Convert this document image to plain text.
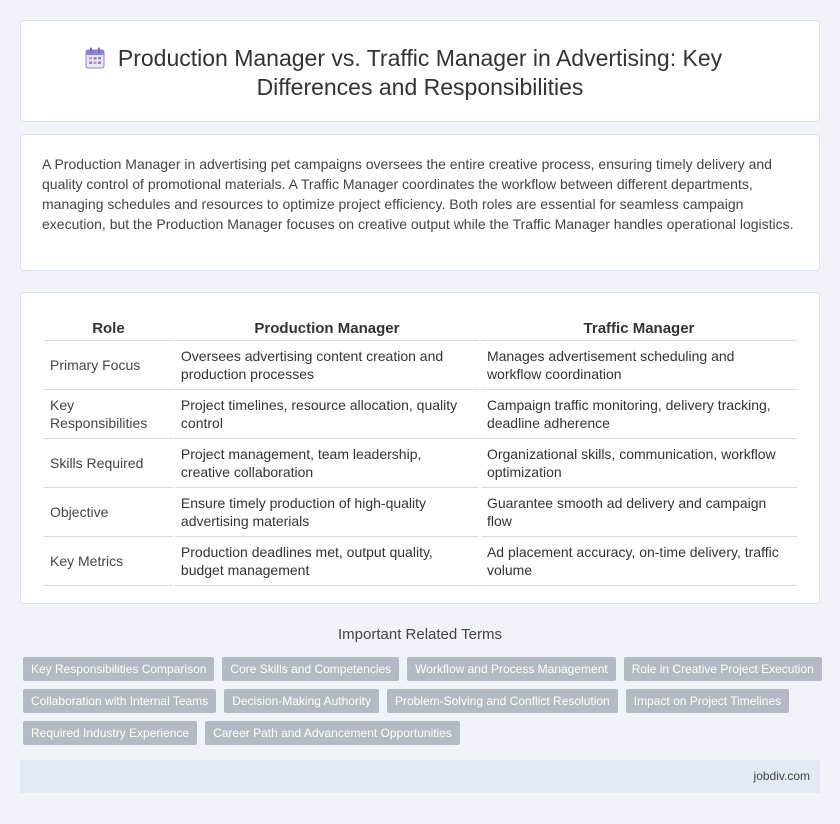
Production Manager vs. Traffic Manager in Advertising: Key Differences and Responsibilities

A Production Manager in advertising pet campaigns oversees the entire creative process, ensuring timely delivery and quality control of promotional materials. A Traffic Manager coordinates the workflow between different departments, managing schedules and resources to optimize project efficiency. Both roles are essential for seamless campaign execution, but the Production Manager focuses on creative output while the Traffic Manager handles operational logistics.

Role	Production Manager	Traffic Manager
Primary Focus	Oversees advertising content creation and production processes	Manages advertisement scheduling and workflow coordination
Key Responsibilities	Project timelines, resource allocation, quality control	Campaign traffic monitoring, delivery tracking, deadline adherence
Skills Required	Project management, team leadership, creative collaboration	Organizational skills, communication, workflow optimization
Objective	Ensure timely production of high-quality advertising materials	Guarantee smooth ad delivery and campaign flow
Key Metrics	Production deadlines met, output quality, budget management	Ad placement accuracy, on-time delivery, traffic volume
Important Related Terms
Key Responsibilities Comparison	Core Skills and Competencies	Workflow and Process Management	Role in Creative Project Execution
Collaboration with Internal Teams	Decision-Making Authority	Problem-Solving and Conflict Resolution	Impact on Project Timelines
Required Industry Experience	Career Path and Advancement Opportunities
jobdiv.com
